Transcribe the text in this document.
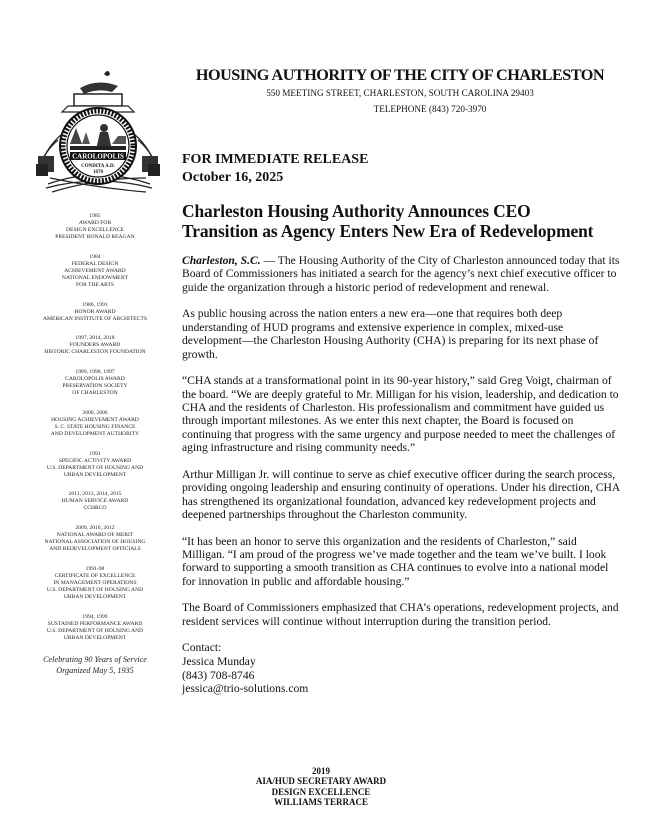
CAROLOPOLIS
CONDITA A.D.
1670
HOUSING AUTHORITY OF THE CITY OF CHARLESTON
550 MEETING STREET, CHARLESTON, SOUTH CAROLINA 29403
TELEPHONE (843) 720-3970
1985
AWARD FOR
DESIGN EXCELLENCE
PRESIDENT RONALD REAGAN
1984
FEDERAL DESIGN
ACHIEVEMENT AWARD
NATIONAL ENDOWMENT
FOR THE ARTS
1986, 1991
HONOR AWARD
AMERICAN INSTITUTE OF ARCHITECTS
1997, 2014, 2018
FOUNDERS AWARD
HISTORIC CHARLESTON FOUNDATION
1989, 1990, 1997
CAROLOPOLIS AWARD
PRESERVATION SOCIETY
OF CHARLESTON
2000, 2006
HOUSING ACHIEVEMENT AWARD
S. C. STATE HOUSING FINANCE
AND DEVELOPMENT AUTHORITY
1991
SPECIFIC ACTIVITY AWARD
U.S. DEPARTMENT OF HOUSING AND
URBAN DEVELOPMENT
2011, 2013, 2014, 2015
HUMAN SERVICE AWARD
CCHRCO
2009, 2010, 2012
NATIONAL AWARD OF MERIT
NATIONAL ASSOCIATION OF HOUSING
AND REDEVELOPMENT OFFICIALS
1991-98
CERTIFICATE OF EXCELLENCE
IN MANAGEMENT OPERATIONS
U.S. DEPARTMENT OF HOUSING AND
URBAN DEVELOPMENT
1994, 1999
SUSTAINED PERFORMANCE AWARD
U.S. DEPARTMENT OF HOUSING AND
URBAN DEVELOPMENT
Celebrating 90 Years of Service
Organized May 5, 1935
FOR IMMEDIATE RELEASE
October 16, 2025
Charleston Housing Authority Announces CEO
Transition as Agency Enters New Era of Redevelopment

Charleston, S.C. — The Housing Authority of the City of Charleston announced today that its Board of Commissioners has initiated a search for the agency’s next chief executive officer to guide the organization through a historic period of redevelopment and renewal.

As public housing across the nation enters a new era—one that requires both deep understanding of HUD programs and extensive experience in complex, mixed-use development—the Charleston Housing Authority (CHA) is preparing for its next phase of growth.

“CHA stands at a transformational point in its 90-year history,” said Greg Voigt, chairman of the board. “We are deeply grateful to Mr. Milligan for his vision, leadership, and dedication to CHA and the residents of Charleston. His professionalism and commitment have guided us through important milestones. As we enter this next chapter, the Board is focused on continuing that progress with the same urgency and purpose needed to meet the challenges of aging infrastructure and rising community needs.”

Arthur Milligan Jr. will continue to serve as chief executive officer during the search process, providing ongoing leadership and ensuring continuity of operations. Under his direction, CHA has strengthened its organizational foundation, advanced key redevelopment projects and deepened partnerships throughout the Charleston community.

“It has been an honor to serve this organization and the residents of Charleston,” said Milligan. “I am proud of the progress we’ve made together and the team we’ve built. I look forward to supporting a smooth transition as CHA continues to evolve into a national model for innovation in public and affordable housing.”

The Board of Commissioners emphasized that CHA’s operations, redevelopment projects, and resident services will continue without interruption during the transition period.

Contact:
Jessica Munday
(843) 708-8746
jessica@trio-solutions.com
2019
AIA/HUD SECRETARY AWARD
DESIGN EXCELLENCE
WILLIAMS TERRACE
